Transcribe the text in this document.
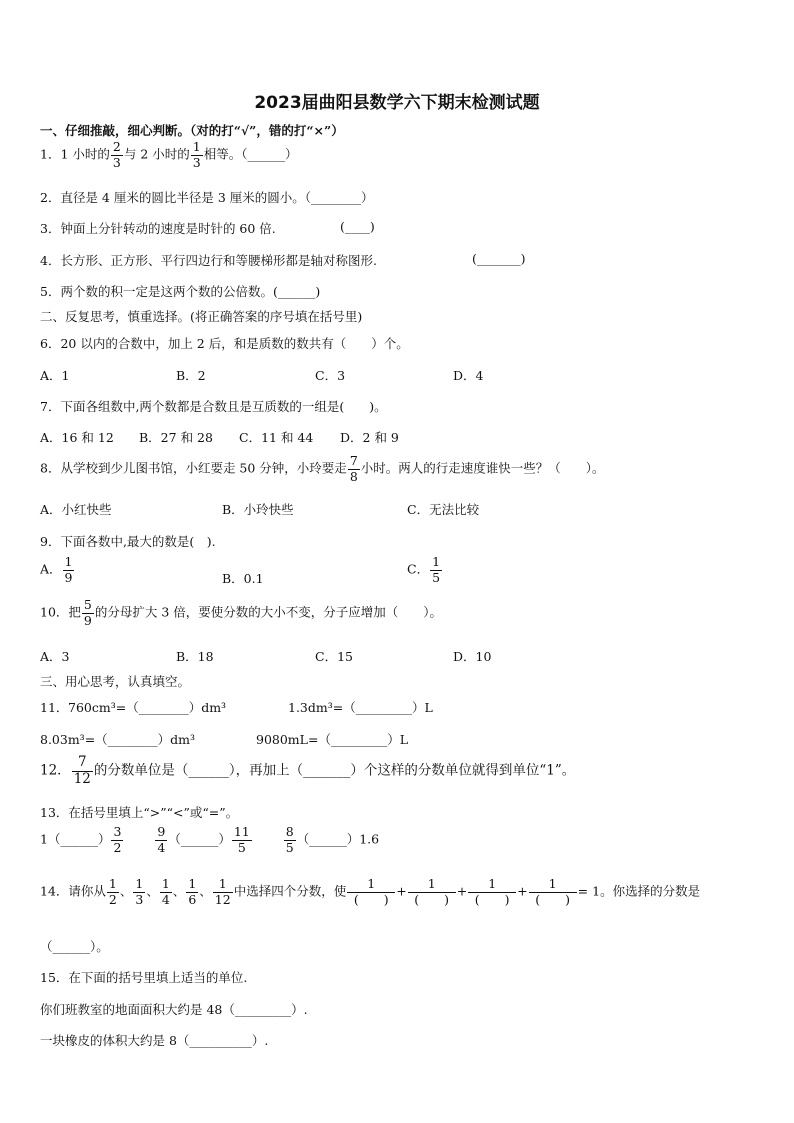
2023届曲阳县数学六下期末检测试题
一、仔细推敲，细心判断。（对的打“√”，错的打“×”）
1．1 小时的 $\frac{2}{3}$ 与 2 小时的 $\frac{1}{3}$ 相等。（______）
2．直径是 4 厘米的圆比半径是 3 厘米的圆小。（________）
3．钟面上分针转动的速度是时针的 60 倍.	(____)
4．长方形、正方形、平行四边行和等腰梯形都是轴对称图形.	(_______)
5．两个数的积一定是这两个数的公倍数。(______)
二、反复思考，慎重选择。(将正确答案的序号填在括号里)
6．20 以内的合数中，加上 2 后，和是质数的数共有（　　）个。
A．1	B．2	C．3	D．4
7．下面各组数中,两个数都是合数且是互质数的一组是(　　)。
A．16 和 12 B．27 和 28 C．11 和 44 D．2 和 9
8．从学校到少儿图书馆，小红要走 50 分钟，小玲要走 $\frac{7}{8}$ 小时。两人的行走速度谁快一些？（　　）。
A．小红快些	B．小玲快些	C．无法比较
9．下面各数中,最大的数是(　).
A． $\frac{1}{9}$	B．0.1
C． $\frac{1}{5}$
10．把 $\frac{5}{9}$ 的分母扩大 3 倍，要使分数的大小不变，分子应增加（　　）。
A．3	B．18	C．15	D．10
三、用心思考，认真填空。
11． 760cm³=（________）dm³	1.3dm³=（_________）L
8.03m³=（________）dm³	9080mL=（_________）L
12． $\frac{7}{12}$ 的分数单位是（______），再加上（_______）个这样的分数单位就得到单位“1”。
13．在括号里填上“>”“<”或“=”。
1（______） $\frac{3}{2}$
	$\frac{9}{4}$ （______） $\frac{11}{5}$
	$\frac{8}{5}$ （______）1.6
14．请你从 $\frac{1}{2}$ 、 $\frac{1}{3}$ 、 $\frac{1}{4}$ 、 $\frac{1}{6}$ 、 $\frac{1}{12}$ 中选择四个分数，使 $\frac{1}{( )} + \frac{1}{( )} + \frac{1}{( )} + \frac{1}{( )} = 1$。你选择的分数是
（______）。
15．在下面的括号里填上适当的单位.
你们班教室的地面面积大约是 48（_________）.
一块橡皮的体积大约是 8（__________）.
